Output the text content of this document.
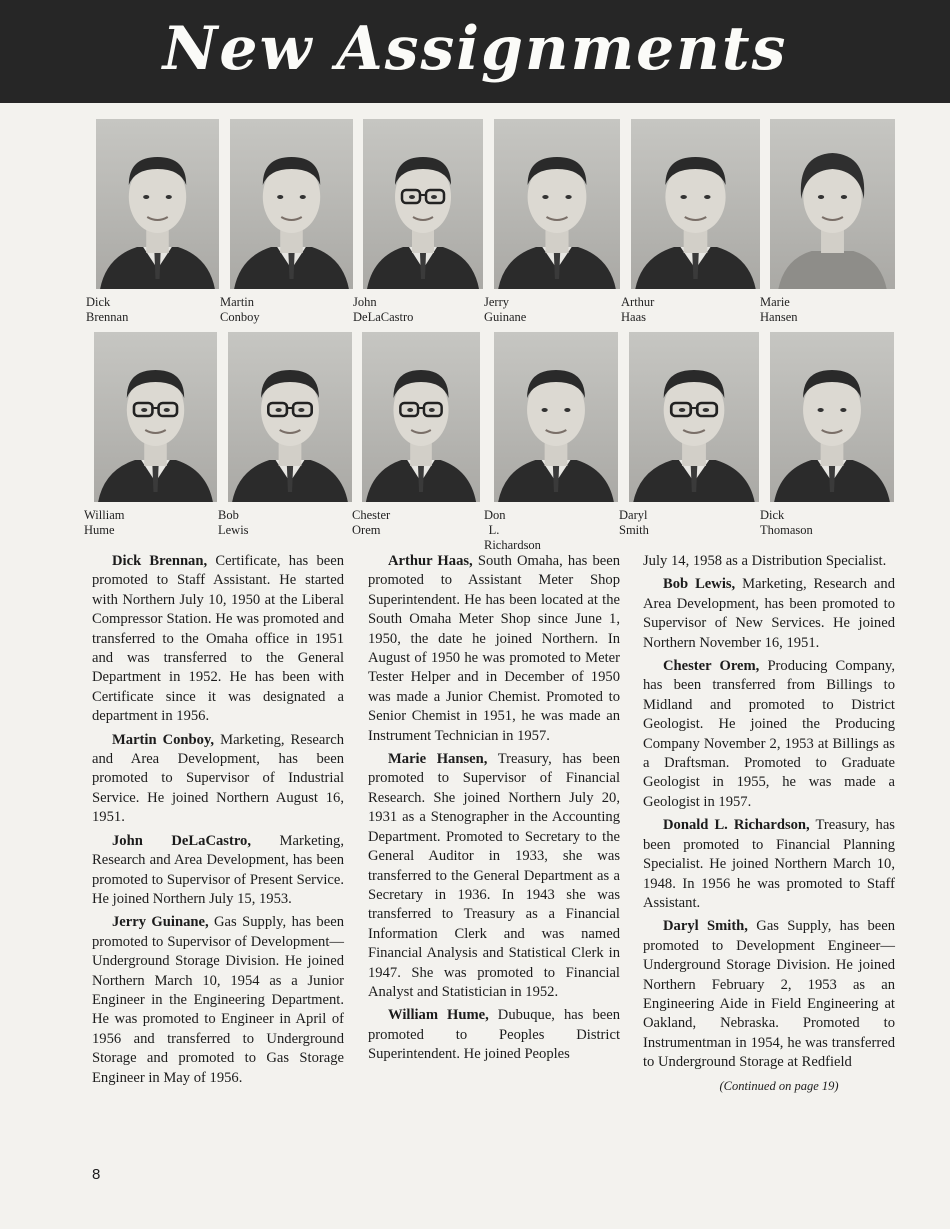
New Assignments
Dick Brennan
Martin Conboy
John DeLaCastro
Jerry Guinane
Arthur Haas
Marie Hansen
William Hume
Bob Lewis
Chester Orem
Don L. Richardson
Daryl Smith
Dick Thomason

Dick Brennan, Certificate, has been promoted to Staff Assistant. He started with Northern July 10, 1950 at the Liberal Compressor Station. He was promoted and transferred to the Omaha office in 1951 and was transferred to the General Department in 1952. He has been with Certificate since it was designated a department in 1956.

Martin Conboy, Marketing, Research and Area Development, has been promoted to Supervisor of Industrial Service. He joined Northern August 16, 1951.

John DeLaCastro, Marketing, Research and Area Development, has been promoted to Supervisor of Present Service. He joined Northern July 15, 1953.

Jerry Guinane, Gas Supply, has been promoted to Supervisor of Development—Underground Storage Division. He joined Northern March 10, 1954 as a Junior Engineer in the Engineering Department. He was promoted to Engineer in April of 1956 and transferred to Underground Storage and promoted to Gas Storage Engineer in May of 1956.

Arthur Haas, South Omaha, has been promoted to Assistant Meter Shop Superintendent. He has been located at the South Omaha Meter Shop since June 1, 1950, the date he joined Northern. In August of 1950 he was promoted to Meter Tester Helper and in December of 1950 was made a Junior Chemist. Promoted to Senior Chemist in 1951, he was made an Instrument Technician in 1957.

Marie Hansen, Treasury, has been promoted to Supervisor of Financial Research. She joined Northern July 20, 1931 as a Stenographer in the Accounting Department. Promoted to Secretary to the General Auditor in 1933, she was transferred to the General Department as a Secretary in 1936. In 1943 she was transferred to Treasury as a Financial Information Clerk and was named Financial Analysis and Statistical Clerk in 1947. She was promoted to Financial Analyst and Statistician in 1952.

William Hume, Dubuque, has been promoted to Peoples District Superintendent. He joined Peoples

July 14, 1958 as a Distribution Specialist.

Bob Lewis, Marketing, Research and Area Development, has been promoted to Supervisor of New Services. He joined Northern November 16, 1951.

Chester Orem, Producing Company, has been transferred from Billings to Midland and promoted to District Geologist. He joined the Producing Company November 2, 1953 at Billings as a Draftsman. Promoted to Graduate Geologist in 1955, he was made a Geologist in 1957.

Donald L. Richardson, Treasury, has been promoted to Financial Planning Specialist. He joined Northern March 10, 1948. In 1956 he was promoted to Staff Assistant.

Daryl Smith, Gas Supply, has been promoted to Development Engineer—Underground Storage Division. He joined Northern February 2, 1953 as an Engineering Aide in Field Engineering at Oakland, Nebraska. Promoted to Instrumentman in 1954, he was transferred to Underground Storage at Redfield

(Continued on page 19)

8
